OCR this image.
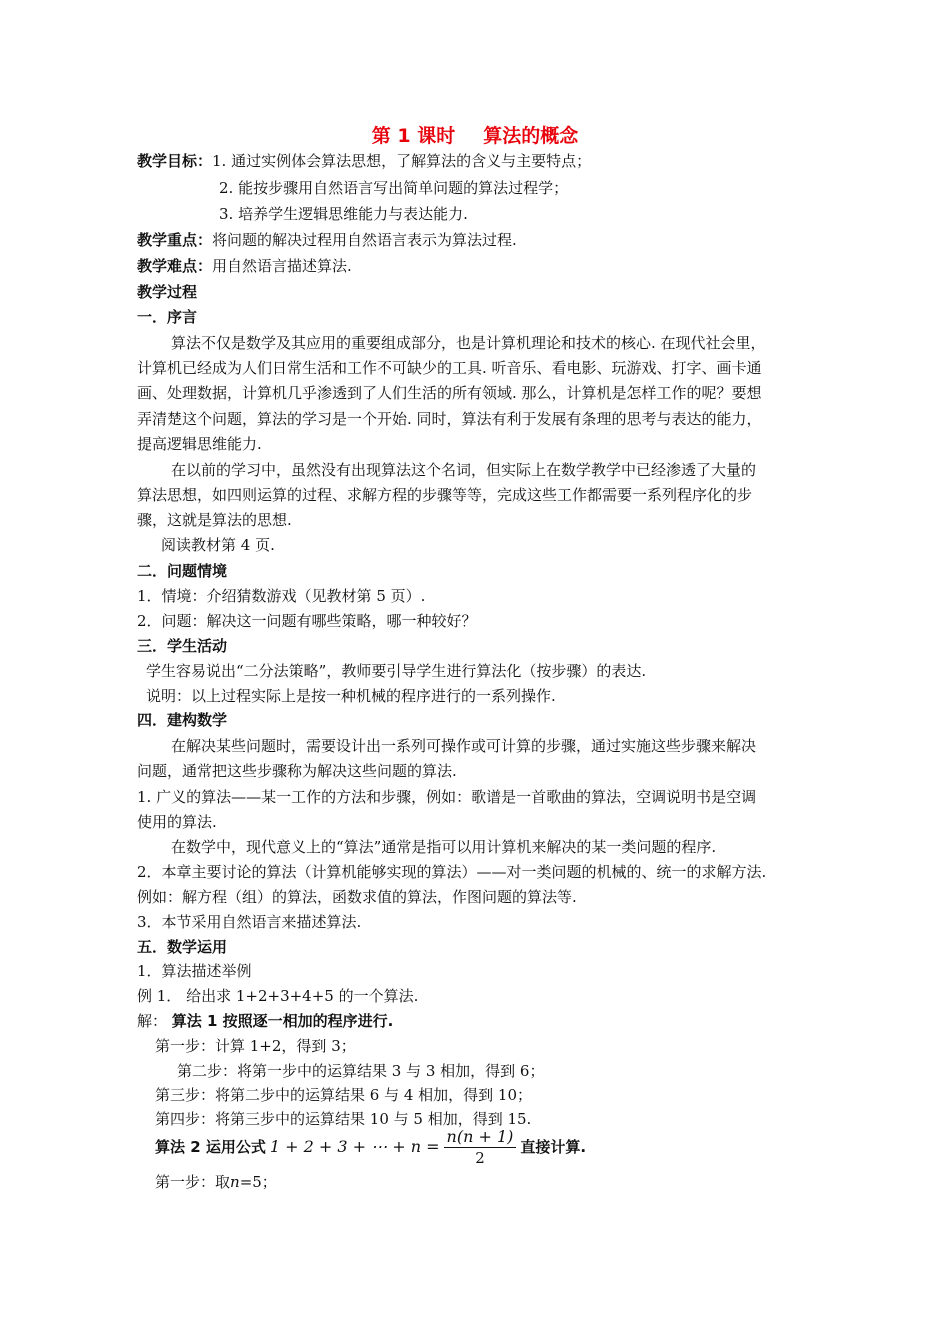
第 1 课时 算法的概念
教学目标：1. 通过实例体会算法思想，了解算法的含义与主要特点；
2. 能按步骤用自然语言写出简单问题的算法过程学；
3. 培养学生逻辑思维能力与表达能力.
教学重点：将问题的解决过程用自然语言表示为算法过程.
教学难点：用自然语言描述算法.
教学过程
一．序言
算法不仅是数学及其应用的重要组成部分，也是计算机理论和技术的核心. 在现代社会里，
计算机已经成为人们日常生活和工作不可缺少的工具. 听音乐、看电影、玩游戏、打字、画卡通
画、处理数据，计算机几乎渗透到了人们生活的所有领域. 那么，计算机是怎样工作的呢？要想
弄清楚这个问题，算法的学习是一个开始. 同时，算法有利于发展有条理的思考与表达的能力，
提高逻辑思维能力.
在以前的学习中，虽然没有出现算法这个名词，但实际上在数学教学中已经渗透了大量的
算法思想，如四则运算的过程、求解方程的步骤等等，完成这些工作都需要一系列程序化的步
骤，这就是算法的思想.
阅读教材第 4 页.
二．问题情境
1．情境：介绍猜数游戏（见教材第 5 页）.
2．问题：解决这一问题有哪些策略，哪一种较好？
三．学生活动
学生容易说出“二分法策略”，教师要引导学生进行算法化（按步骤）的表达.
说明：以上过程实际上是按一种机械的程序进行的一系列操作.
四．建构数学
在解决某些问题时，需要设计出一系列可操作或可计算的步骤，通过实施这些步骤来解决
问题，通常把这些步骤称为解决这些问题的算法.
1. 广义的算法——某一工作的方法和步骤，例如：歌谱是一首歌曲的算法，空调说明书是空调
使用的算法.
在数学中，现代意义上的“算法”通常是指可以用计算机来解决的某一类问题的程序.
2．本章主要讨论的算法（计算机能够实现的算法）——对一类问题的机械的、统一的求解方法.
例如：解方程（组）的算法，函数求值的算法，作图问题的算法等.
3．本节采用自然语言来描述算法.
五．数学运用
1．算法描述举例
例 1． 给出求 1+2+3+4+5 的一个算法.
解： 算法 1 按照逐一相加的程序进行.
第一步：计算 1+2，得到 3；
第二步：将第一步中的运算结果 3 与 3 相加，得到 6；
第三步：将第二步中的运算结果 6 与 4 相加，得到 10；
第四步：将第三步中的运算结果 10 与 5 相加，得到 15.
算法 2 运用公式 1 + 2 + 3 + ⋯ + $n = \frac{n(n + 1)}{2}$ 直接计算.
第一步：取n=5；
